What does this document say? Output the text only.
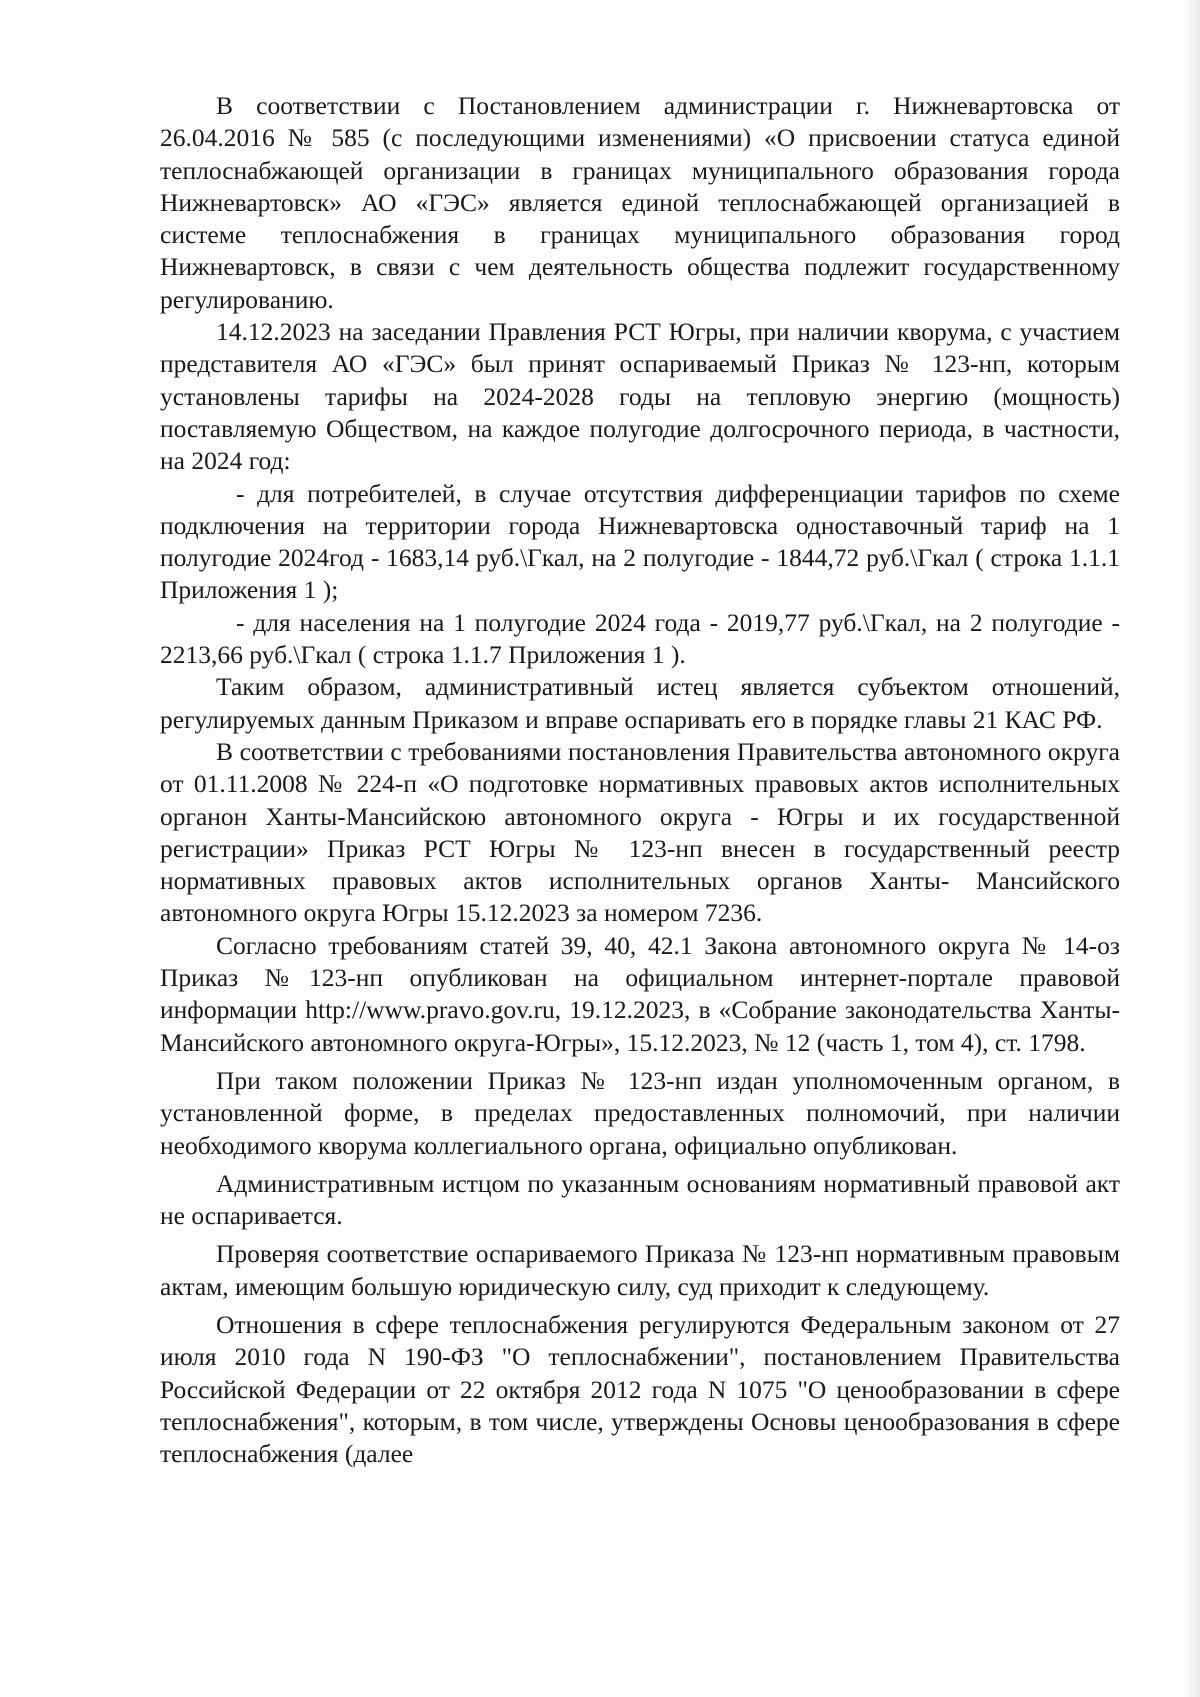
В соответствии с Постановлением администрации г. Нижневартовска от 26.04.2016 № 585 (с последующими изменениями) «О присвоении статуса единой теплоснабжающей организации в границах муниципального образования города Нижневартовск» АО «ГЭС» является единой теплоснабжающей организацией в системе теплоснабжения в границах муниципального образования город Нижневартовск, в связи с чем деятельность общества подлежит государственному регулированию.

14.12.2023 на заседании Правления РСТ Югры, при наличии кворума, с участием представителя АО «ГЭС» был принят оспариваемый Приказ № 123-нп, которым установлены тарифы на 2024-2028 годы на тепловую энергию (мощность) поставляемую Обществом, на каждое полугодие долгосрочного периода, в частности, на 2024 год:

- для потребителей, в случае отсутствия дифференциации тарифов по схеме подключения на территории города Нижневартовска одноставочный тариф на 1 полугодие 2024год - 1683,14 руб.\Гкал, на 2 полугодие - 1844,72 руб.\Гкал ( строка 1.1.1 Приложения 1 );

- для населения на 1 полугодие 2024 года - 2019,77 руб.\Гкал, на 2 полугодие - 2213,66 руб.\Гкал ( строка 1.1.7 Приложения 1 ).

Таким образом, административный истец является субъектом отношений, регулируемых данным Приказом и вправе оспаривать его в порядке главы 21 КАС РФ.

В соответствии с требованиями постановления Правительства автономного округа от 01.11.2008 № 224-п «О подготовке нормативных правовых актов исполнительных органон Ханты-Мансийскою автономного округа - Югры и их государственной регистрации» Приказ РСТ Югры № 123-нп внесен в государственный реестр нормативных правовых актов исполнительных органов Ханты- Мансийского автономного округа Югры 15.12.2023 за номером 7236.

Согласно требованиям статей 39, 40, 42.1 Закона автономного округа № 14-оз Приказ №123-нп опубликован на официальном интернет-портале правовой информации http://www.pravo.gov.ru, 19.12.2023, в «Собрание законодательства Ханты-Мансийского автономного округа-Югры», 15.12.2023, № 12 (часть 1, том 4), ст. 1798.

При таком положении Приказ № 123-нп издан уполномоченным органом, в установленной форме, в пределах предоставленных полномочий, при наличии необходимого кворума коллегиального органа, официально опубликован.

Административным истцом по указанным основаниям нормативный правовой акт не оспаривается.

Проверяя соответствие оспариваемого Приказа № 123-нп нормативным правовым актам, имеющим большую юридическую силу, суд приходит к следующему.

Отношения в сфере теплоснабжения регулируются Федеральным законом от 27 июля 2010 года N 190-ФЗ "О теплоснабжении", постановлением Правительства Российской Федерации от 22 октября 2012 года N 1075 "О ценообразовании в сфере теплоснабжения", которым, в том числе, утверждены Основы ценообразования в сфере теплоснабжения (далее
